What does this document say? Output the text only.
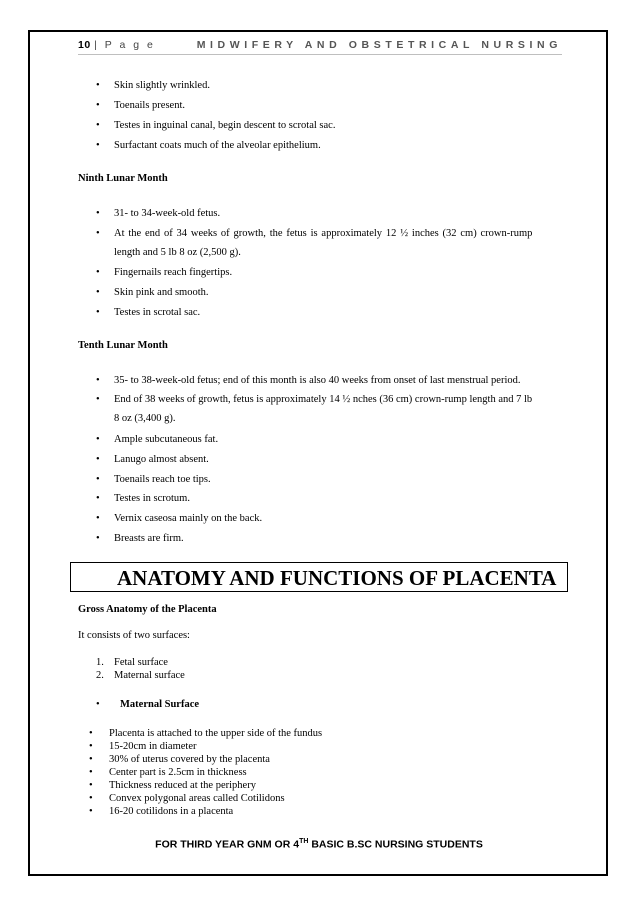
10 | P a g e	MIDWIFERY AND OBSTETRICAL NURSING
• Skin slightly wrinkled.
• Toenails present.
• Testes in inguinal canal, begin descent to scrotal sac.
• Surfactant coats much of the alveolar epithelium.
Ninth Lunar Month
• 31- to 34-week-old fetus.
• At the end of 34 weeks of growth, the fetus is approximately 12 ½ inches (32 cm) crown-rump
length and 5 lb 8 oz (2,500 g).
• Fingernails reach fingertips.
• Skin pink and smooth.
• Testes in scrotal sac.
Tenth Lunar Month
• 35- to 38-week-old fetus; end of this month is also 40 weeks from onset of last menstrual period.
• End of 38 weeks of growth, fetus is approximately 14 ½ nches (36 cm) crown-rump length and 7 lb
8 oz (3,400 g).
• Ample subcutaneous fat.
• Lanugo almost absent.
• Toenails reach toe tips.
• Testes in scrotum.
• Vernix caseosa mainly on the back.
• Breasts are firm.
ANATOMY AND FUNCTIONS OF PLACENTA
Gross Anatomy of the Placenta
It consists of two surfaces:
1. Fetal surface
2. Maternal surface
• Maternal Surface
• Placenta is attached to the upper side of the fundus
• 15-20cm in diameter
• 30% of uterus covered by the placenta
• Center part is 2.5cm in thickness
• Thickness reduced at the periphery
• Convex polygonal areas called Cotilidons
• 16-20 cotilidons in a placenta
FOR THIRD YEAR GNM OR 4TH BASIC B.SC NURSING STUDENTS
